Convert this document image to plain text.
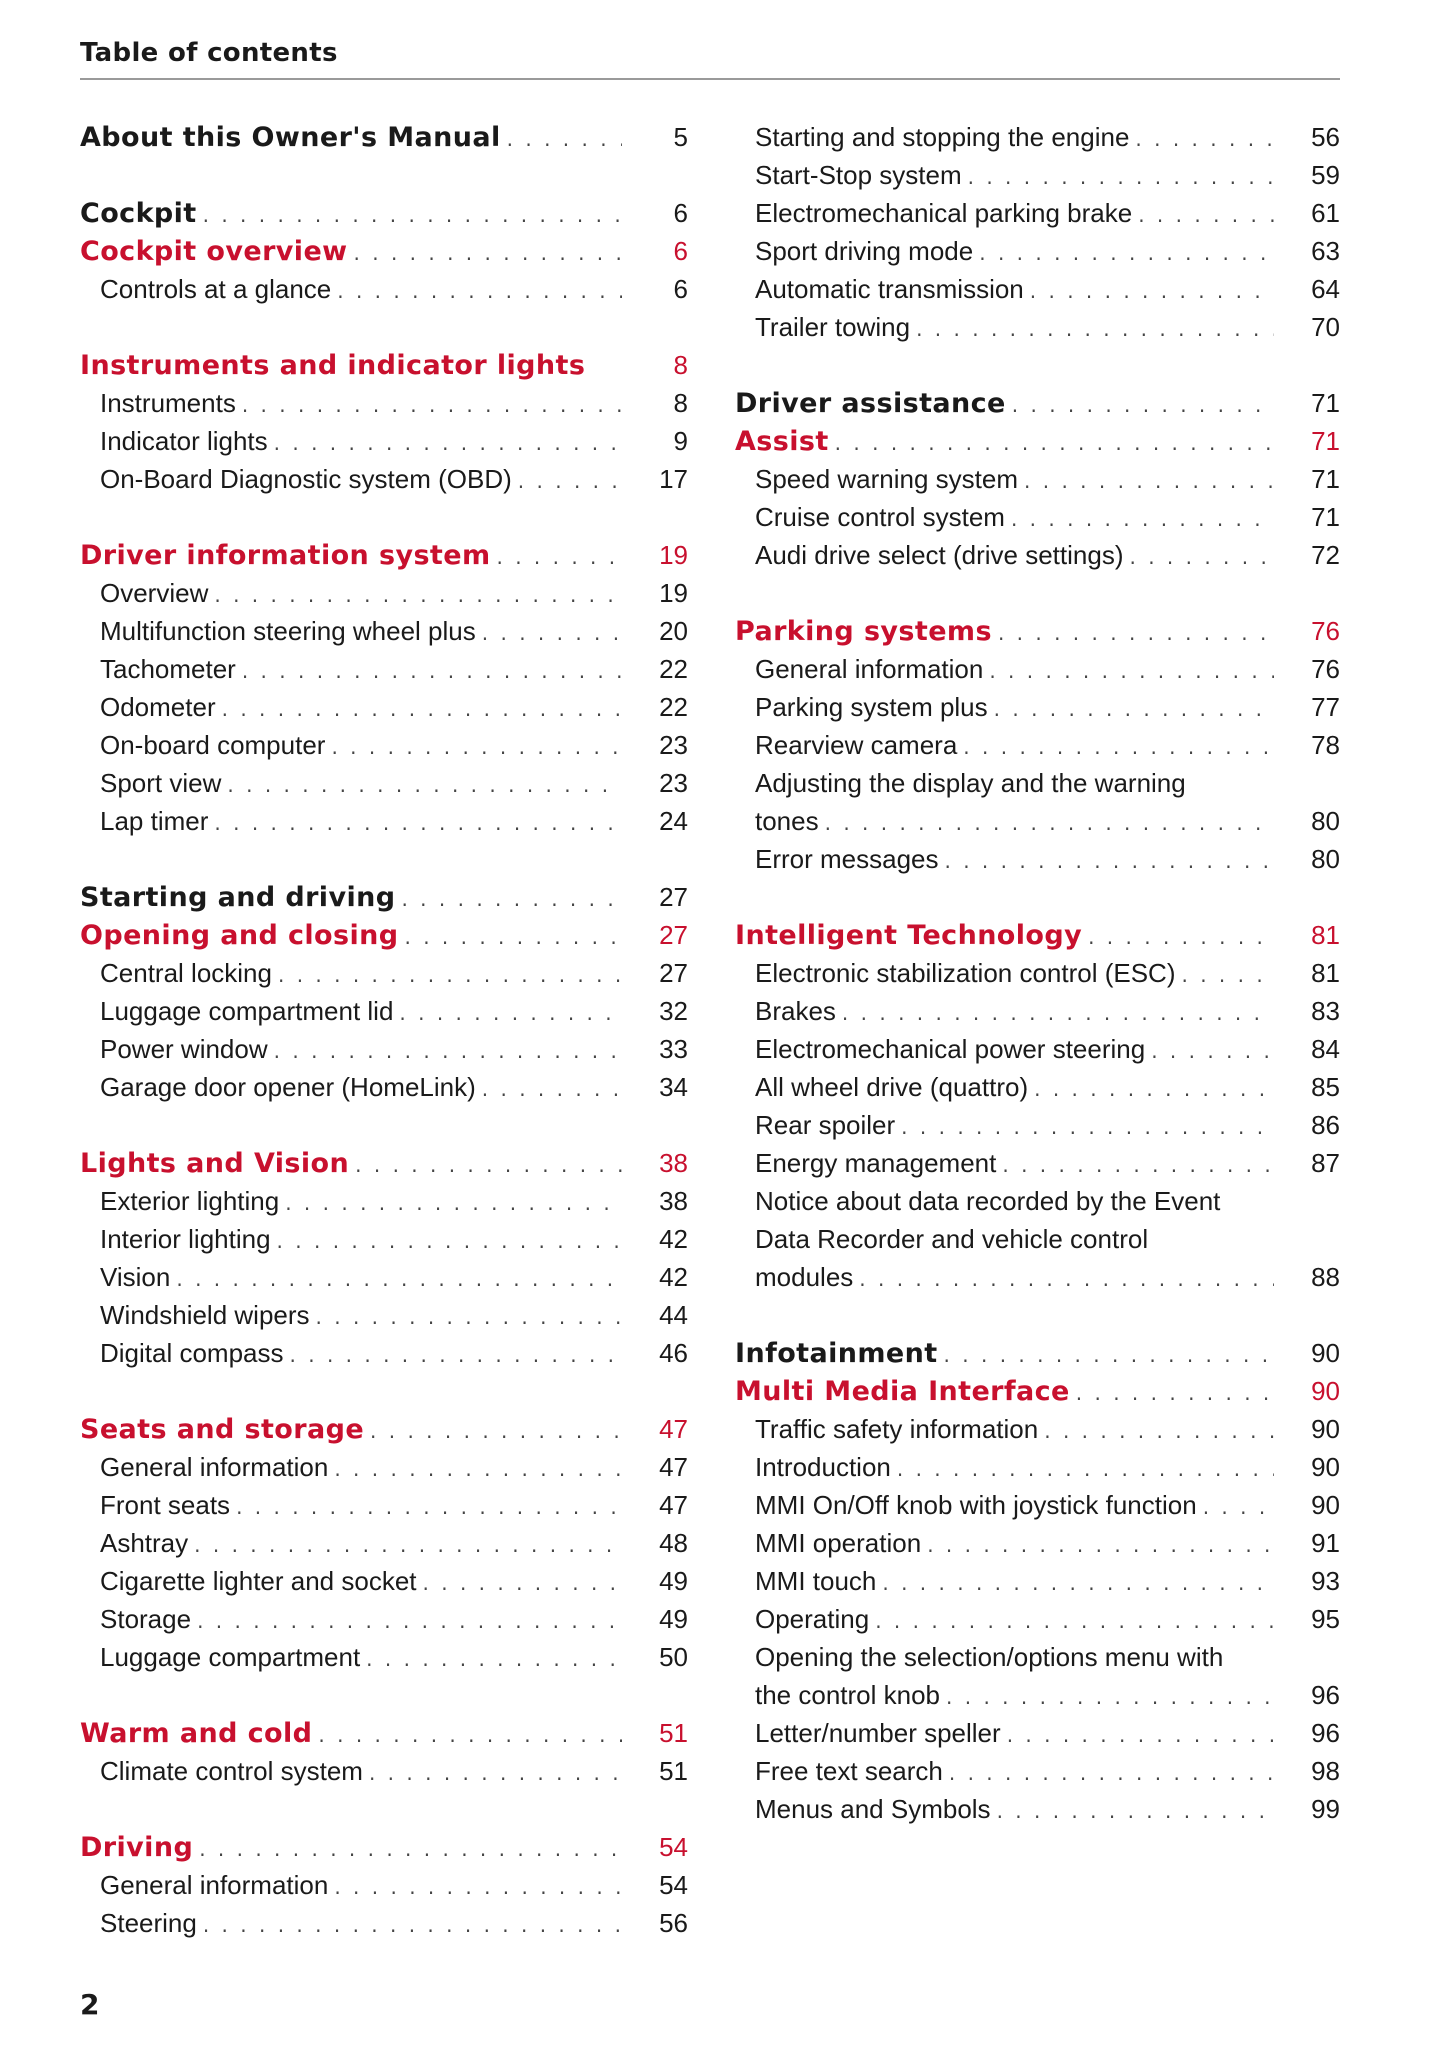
Table of contents
About this Owner's Manual . . .	5
Cockpit . . .	6
Cockpit overview . . .	6
Controls at a glance . . .	6
Instruments and indicator lights	8
Instruments . . .	8
Indicator lights . . .	9
On-Board Diagnostic system (OBD) . . .	17
Driver information system . . .	19
Overview . . .	19
Multifunction steering wheel plus . . .	20
Tachometer . . .	22
Odometer . . .	22
On-board computer . . .	23
Sport view . . .	23
Lap timer . . .	24
Starting and driving . . .	27
Opening and closing . . .	27
Central locking . . .	27
Luggage compartment lid . . .	32
Power window . . .	33
Garage door opener (HomeLink) . . .	34
Lights and Vision . . .	38
Exterior lighting . . .	38
Interior lighting . . .	42
Vision . . .	42
Windshield wipers . . .	44
Digital compass . . .	46
Seats and storage . . .	47
General information . . .	47
Front seats . . .	47
Ashtray . . .	48
Cigarette lighter and socket . . .	49
Storage . . .	49
Luggage compartment . . .	50
Warm and cold . . .	51
Climate control system . . .	51
Driving . . .	54
General information . . .	54
Steering . . .	56
Starting and stopping the engine . . .	56
Start-Stop system . . .	59
Electromechanical parking brake . . .	61
Sport driving mode . . .	63
Automatic transmission . . .	64
Trailer towing . . .	70
Driver assistance . . .	71
Assist . . .	71
Speed warning system . . .	71
Cruise control system . . .	71
Audi drive select (drive settings) . . .	72
Parking systems . . .	76
General information . . .	76
Parking system plus . . .	77
Rearview camera . . .	78
Adjusting the display and the warning
tones . . .	80
Error messages . . .	80
Intelligent Technology . . .	81
Electronic stabilization control (ESC) . . .	81
Brakes . . .	83
Electromechanical power steering . . .	84
All wheel drive (quattro) . . .	85
Rear spoiler . . .	86
Energy management . . .	87
Notice about data recorded by the Event
Data Recorder and vehicle control
modules . . .	88
Infotainment . . .	90
Multi Media Interface . . .	90
Traffic safety information . . .	90
Introduction . . .	90
MMI On/Off knob with joystick function . . .	90
MMI operation . . .	91
MMI touch . . .	93
Operating . . .	95
Opening the selection/options menu with
the control knob . . .	96
Letter/number speller . . .	96
Free text search . . .	98
Menus and Symbols . . .	99
2
